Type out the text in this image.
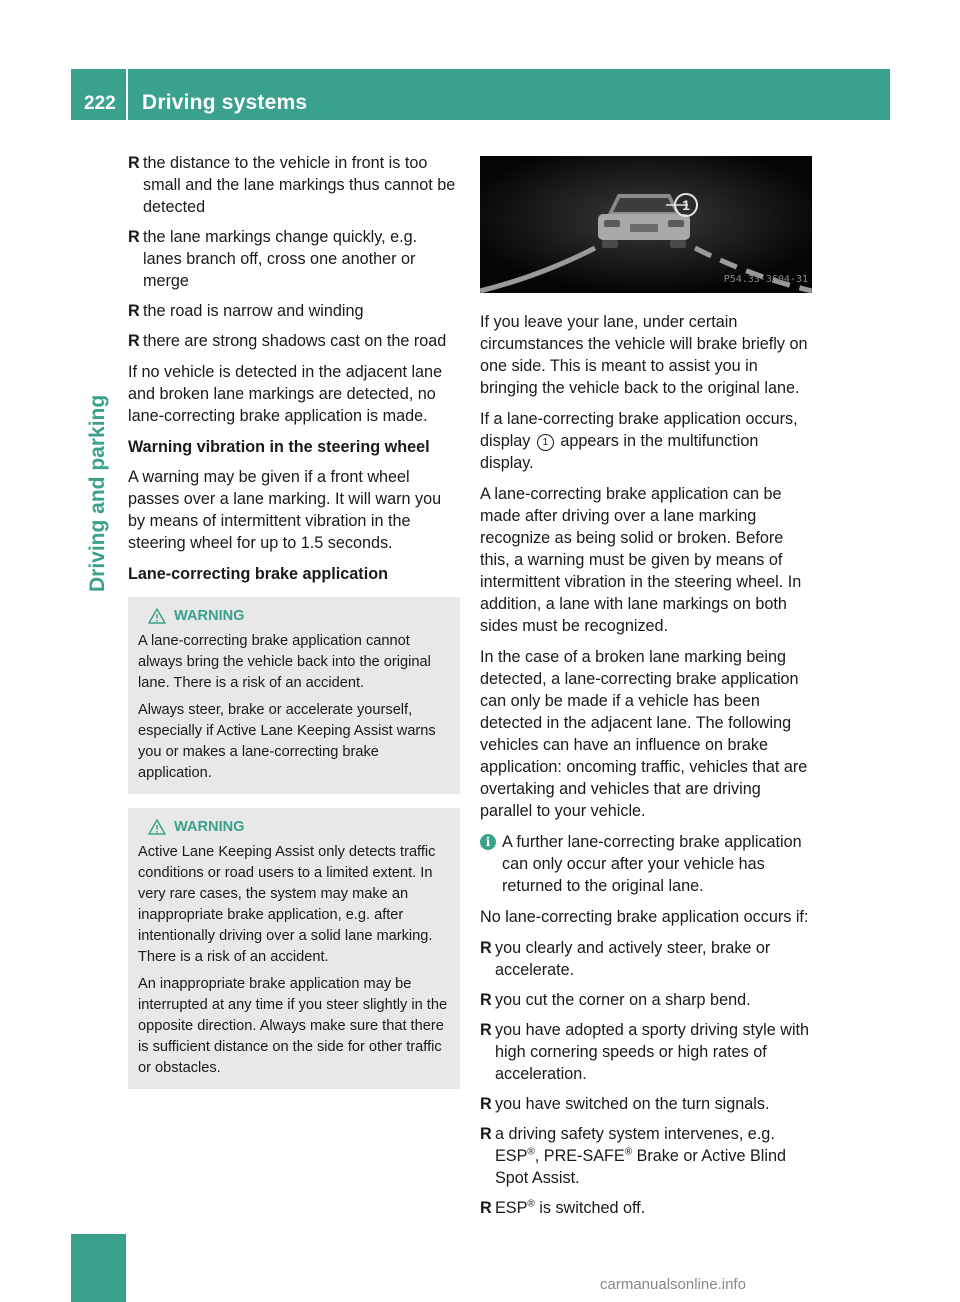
222	Driving systems
Driving and parking
R the distance to the vehicle in front is too small and the lane markings thus cannot be detected
R the lane markings change quickly, e.g. lanes branch off, cross one another or merge
R the road is narrow and winding
R there are strong shadows cast on the road

If no vehicle is detected in the adjacent lane and broken lane markings are detected, no lane-correcting brake application is made.

Warning vibration in the steering wheel

A warning may be given if a front wheel passes over a lane marking. It will warn you by means of intermittent vibration in the steering wheel for up to 1.5 seconds.

Lane-correcting brake application

WARNING

A lane-correcting brake application cannot always bring the vehicle back into the original lane. There is a risk of an accident.

Always steer, brake or accelerate yourself, especially if Active Lane Keeping Assist warns you or makes a lane-correcting brake application.

WARNING

Active Lane Keeping Assist only detects traffic conditions or road users to a limited extent. In very rare cases, the system may make an inappropriate brake application, e.g. after intentionally driving over a solid lane marking. There is a risk of an accident.

An inappropriate brake application may be interrupted at any time if you steer slightly in the opposite direction. Always make sure that there is sufficient distance on the side for other traffic or obstacles.

1
P54.33-3604-31

If you leave your lane, under certain circumstances the vehicle will brake briefly on one side. This is meant to assist you in bringing the vehicle back to the original lane.

If a lane-correcting brake application occurs, display 1 appears in the multifunction display.

A lane-correcting brake application can be made after driving over a lane marking recognize as being solid or broken. Before this, a warning must be given by means of intermittent vibration in the steering wheel. In addition, a lane with lane markings on both sides must be recognized.

In the case of a broken lane marking being detected, a lane-correcting brake application can only be made if a vehicle has been detected in the adjacent lane. The following vehicles can have an influence on brake application: oncoming traffic, vehicles that are overtaking and vehicles that are driving parallel to your vehicle.

i A further lane-correcting brake application can only occur after your vehicle has returned to the original lane.

No lane-correcting brake application occurs if:

R you clearly and actively steer, brake or accelerate.
R you cut the corner on a sharp bend.
R you have adopted a sporty driving style with high cornering speeds or high rates of acceleration.
R you have switched on the turn signals.
R a driving safety system intervenes, e.g. ESP®, PRE-SAFE® Brake or Active Blind Spot Assist.
R ESP® is switched off.
carmanualsonline.info
